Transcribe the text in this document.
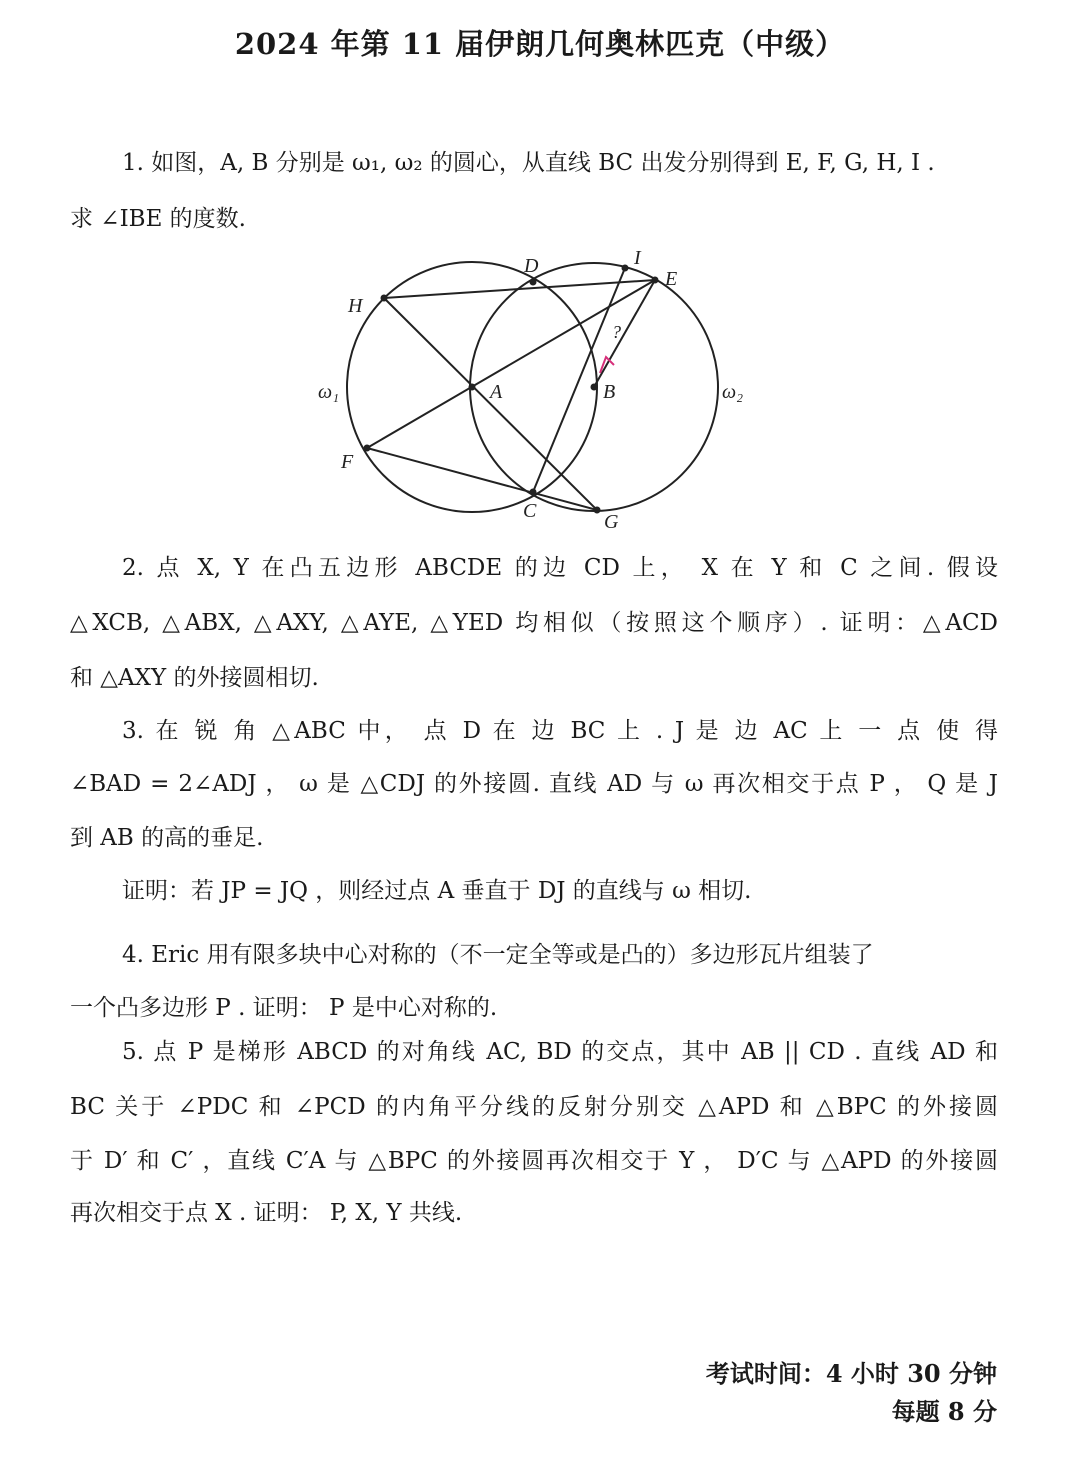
2024 年第 11 届伊朗几何奥林匹克（中级）
1. 如图，A, B 分别是 ω₁, ω₂ 的圆心，从直线 BC 出发分别得到 E, F, G, H, I .
求 ∠IBE 的度数.
D	I
E
H
A	B
F
C	G
?
ω₁	ω₂
2. 点 X, Y 在凸五边形 ABCDE 的边 CD 上， X 在 Y 和 C 之间. 假设
△XCB, △ABX, △AXY, △AYE, △YED 均相似（按照这个顺序）. 证明：△ACD
和 △AXY 的外接圆相切.
3. 在 锐 角 △ABC 中， 点 D 在 边 BC 上 . J 是 边 AC 上 一 点 使 得
∠BAD = 2∠ADJ ， ω 是 △CDJ 的外接圆. 直线 AD 与 ω 再次相交于点 P ， Q 是 J
到 AB 的高的垂足.
证明：若 JP = JQ ，则经过点 A 垂直于 DJ 的直线与 ω 相切.
4. Eric 用有限多块中心对称的（不一定全等或是凸的）多边形瓦片组装了
一个凸多边形 P . 证明： P 是中心对称的.
5. 点 P 是梯形 ABCD 的对角线 AC, BD 的交点，其中 AB || CD . 直线 AD 和
BC 关于 ∠PDC 和 ∠PCD 的内角平分线的反射分别交 △APD 和 △BPC 的外接圆
于 D′ 和 C′ ，直线 C′A 与 △BPC 的外接圆再次相交于 Y ， D′C 与 △APD 的外接圆
再次相交于点 X . 证明： P, X, Y 共线.
考试时间：4 小时 30 分钟
每题 8 分
